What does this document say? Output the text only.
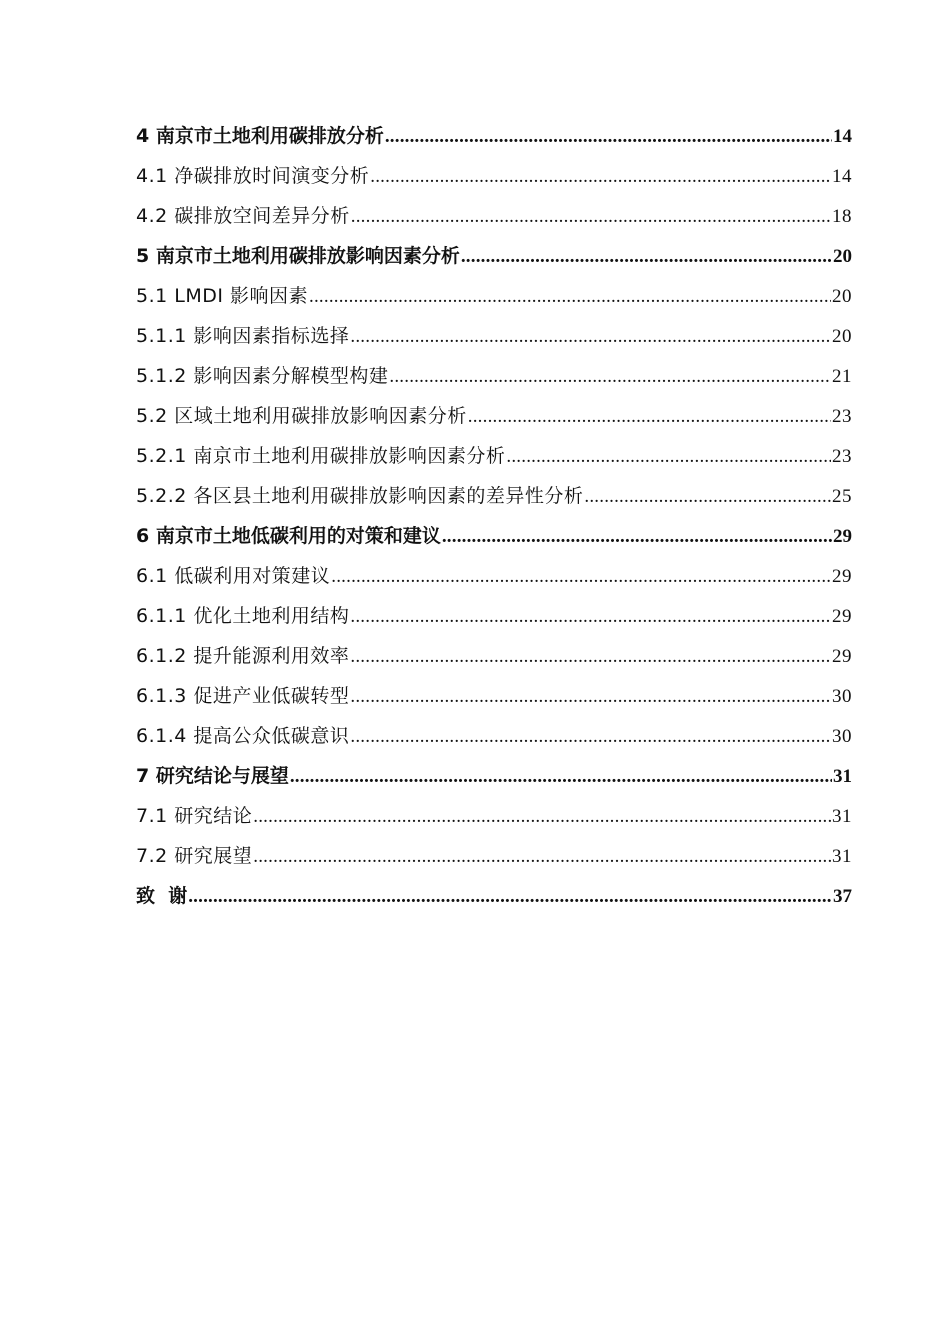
4 南京市土地利用碳排放分析 .....	14
4.1 净碳排放时间演变分析 .....	14
4.2 碳排放空间差异分析 .....	18
5 南京市土地利用碳排放影响因素分析 .....	20
5.1 LMDI 影响因素 .....	20
5.1.1 影响因素指标选择 .....	20
5.1.2 影响因素分解模型构建 .....	21
5.2 区域土地利用碳排放影响因素分析 .....	23
5.2.1 南京市土地利用碳排放影响因素分析 .....	23
5.2.2 各区县土地利用碳排放影响因素的差异性分析 .....	25
6 南京市土地低碳利用的对策和建议 .....	29
6.1 低碳利用对策建议 .....	29
6.1.1 优化土地利用结构 .....	29
6.1.2 提升能源利用效率 .....	29
6.1.3 促进产业低碳转型 .....	30
6.1.4 提高公众低碳意识 .....	30
7 研究结论与展望 .....	31
7.1 研究结论 .....	31
7.2 研究展望 .....	31
致  谢 .....	37
